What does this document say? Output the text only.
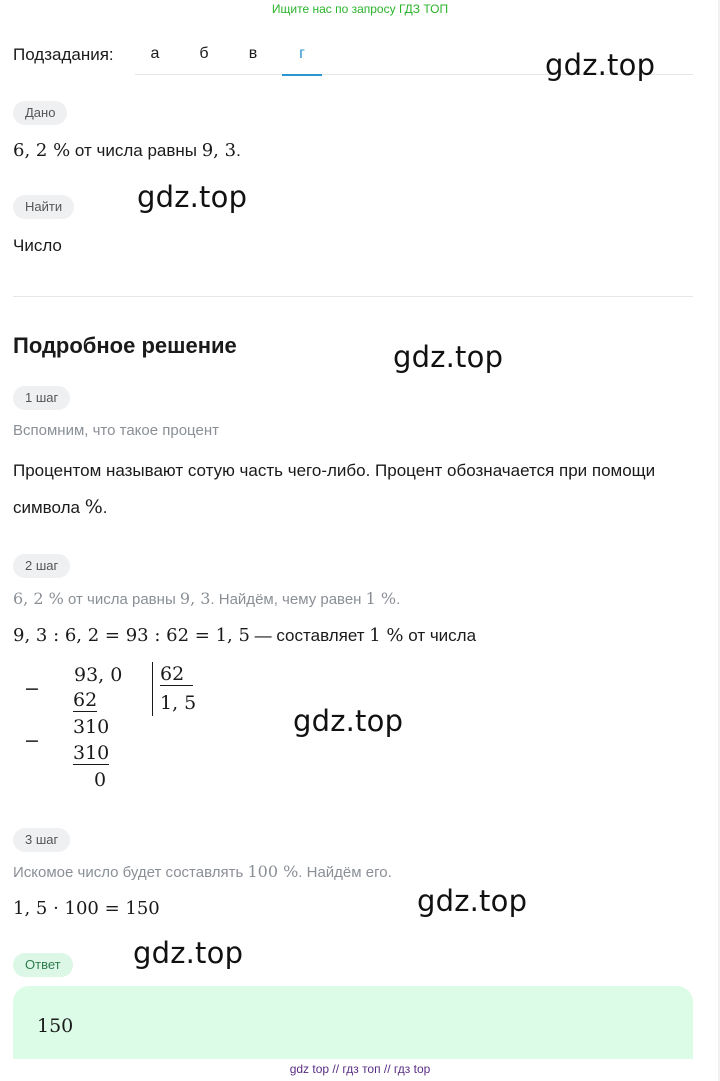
Ищите нас по запросу ГДЗ ТОП
Подзадания:	а	б	в	г	gdz.top
gdz.top
gdz.top
gdz.top
gdz.top
gdz.top
Дано
6, 2 % от числа равны 9, 3.
Найти
Число
Подробное решение
1 шаг
Вспомним, что такое процент
Процентом называют сотую часть чего-либо. Процент обозначается при помощи символа %.
2 шаг
6, 2 % от числа равны 9, 3. Найдём, чему равен 1 %.
9, 3 : 6, 2 = 93 : 62 = 1, 5 — составляет 1 % от числа
−
−
93, 0
62
310
310
0
62
1, 5
3 шаг
Искомое число будет составлять 100 %. Найдём его.
1, 5 · 100 = 150
Ответ
150
gdz top // гдз топ // гдз top
